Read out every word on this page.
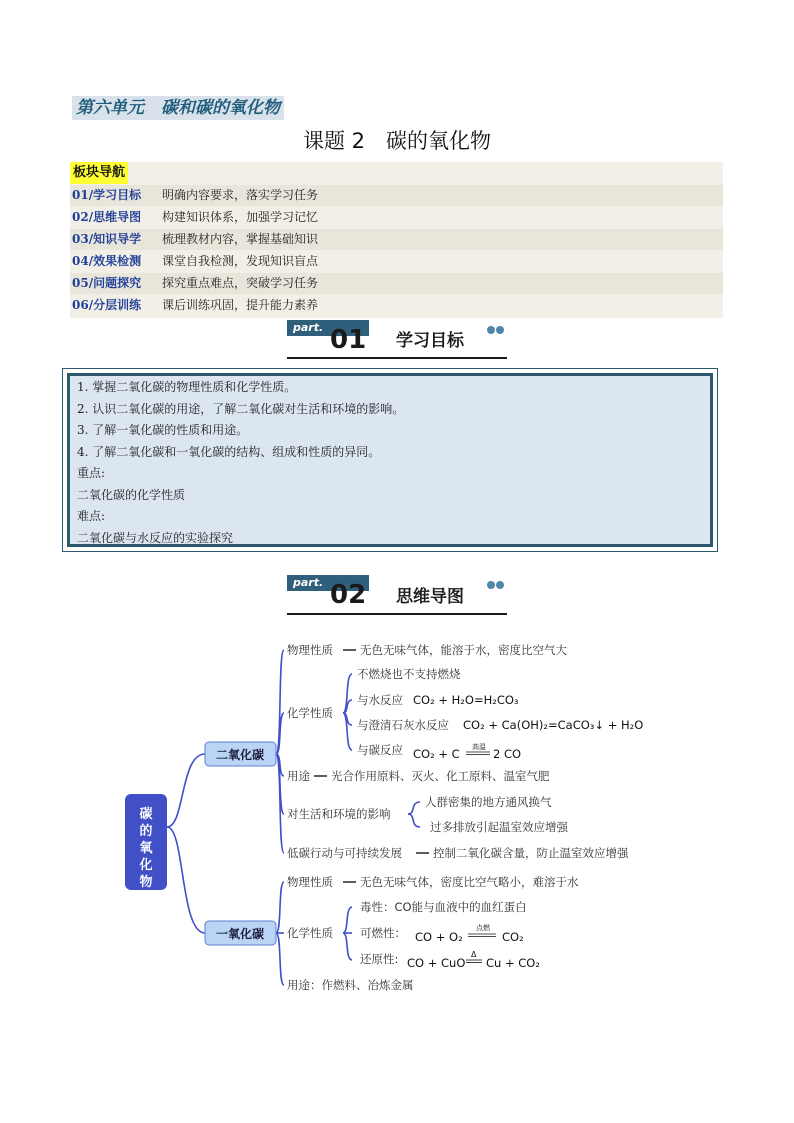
第六单元　碳和碳的氧化物
课题 2　碳的氧化物
板块导航
01/学习目标 明确内容要求，落实学习任务
02/思维导图 构建知识体系，加强学习记忆
03/知识导学 梳理教材内容，掌握基础知识
04/效果检测 课堂自我检测，发现知识盲点
05/问题探究 探究重点难点，突破学习任务
06/分层训练 课后训练巩固，提升能力素养
part. 01 学习目标
1. 掌握二氧化碳的物理性质和化学性质。
2. 认识二氧化碳的用途，了解二氧化碳对生活和环境的影响。
3. 了解一氧化碳的性质和用途。
4. 了解二氧化碳和一氧化碳的结构、组成和性质的异同。
重点:
二氧化碳的化学性质
难点:
二氧化碳与水反应的实验探究
part. 02 思维导图
碳
的
氧
化
物
二氧化碳
一氧化碳
物理性质 无色无味气体，能溶于水，密度比空气大
化学性质
不燃烧也不支持燃烧
与水反应 CO₂ + H₂O=H₂CO₃
与澄清石灰水反应 CO₂ + Ca(OH)₂=CaCO₃↓ + H₂O
与碳反应 CO₂ + C 高温 2 CO
用途 光合作用原料、灭火、化工原料、温室气肥
对生活和环境的影响
人群密集的地方通风换气
过多排放引起温室效应增强
低碳行动与可持续发展	控制二氧化碳含量，防止温室效应增强
物理性质 无色无味气体，密度比空气略小，难溶于水
化学性质
毒性：CO能与血液中的血红蛋白
可燃性： CO + O₂
点燃
CO₂
还原性: CO + CuO
Δ
Cu + CO₂
用途：作燃料、冶炼金属
